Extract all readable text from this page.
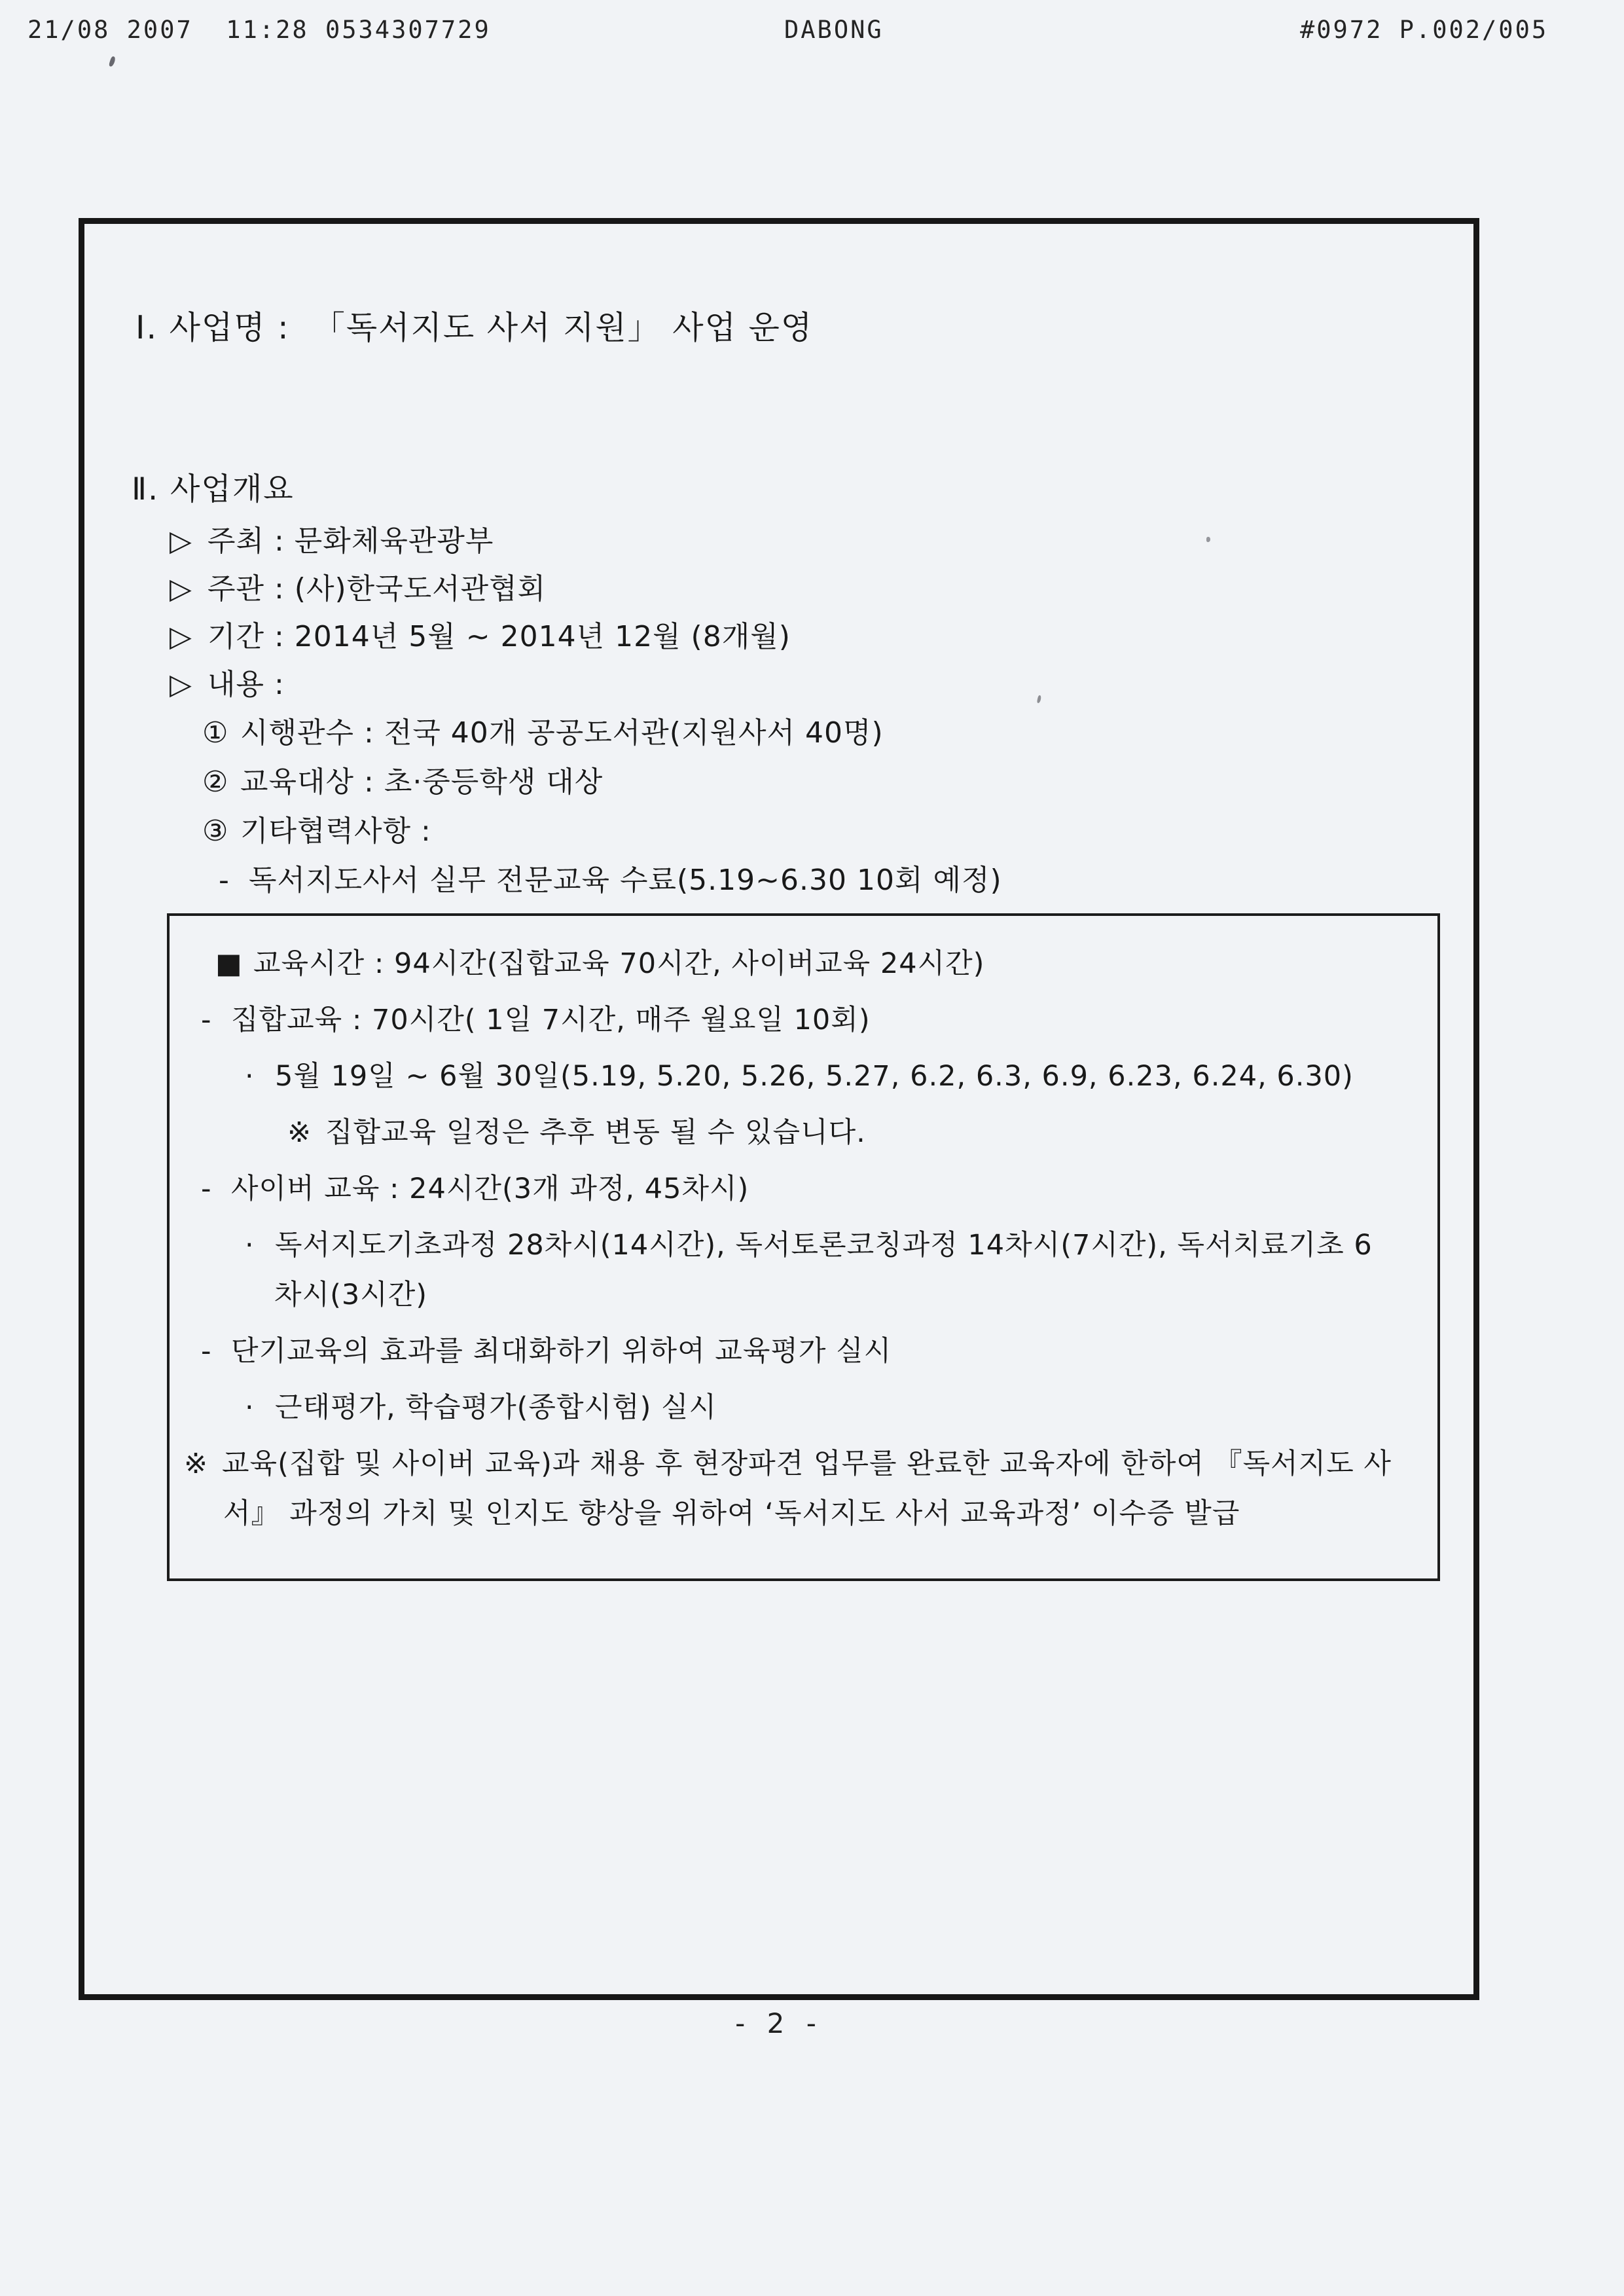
21/08 2007  11:28 0534307729	DABONG	#0972 P.002/005
Ⅰ. 사업명 :  「독서지도 사서 지원」 사업 운영
Ⅱ. 사업개요
▷ 주최 : 문화체육관광부
▷ 주관 : (사)한국도서관협회
▷ 기간 : 2014년 5월 ~ 2014년 12월 (8개월)
▷ 내용 :
① 시행관수 : 전국 40개 공공도서관(지원사서 40명)
② 교육대상 : 초·중등학생 대상
③ 기타협력사항 :
- 독서지도사서 실무 전문교육 수료(5.19~6.30 10회 예정)
■ 교육시간 : 94시간(집합교육 70시간, 사이버교육 24시간)
- 집합교육 : 70시간( 1일 7시간, 매주 월요일 10회)
· 5월 19일 ~ 6월 30일(5.19, 5.20, 5.26, 5.27, 6.2, 6.3, 6.9, 6.23, 6.24, 6.30)
※ 집합교육 일정은 추후 변동 될 수 있습니다.
- 사이버 교육 : 24시간(3개 과정, 45차시)
· 독서지도기초과정 28차시(14시간), 독서토론코칭과정 14차시(7시간), 독서치료기초 6
차시(3시간)
- 단기교육의 효과를 최대화하기 위하여 교육평가 실시
· 근태평가, 학습평가(종합시험) 실시
※ 교육(집합 및 사이버 교육)과 채용 후 현장파견 업무를 완료한 교육자에 한하여 『독서지도 사
서』 과정의 가치 및 인지도 향상을 위하여 ‘독서지도 사서 교육과정’ 이수증 발급
- 2 -
